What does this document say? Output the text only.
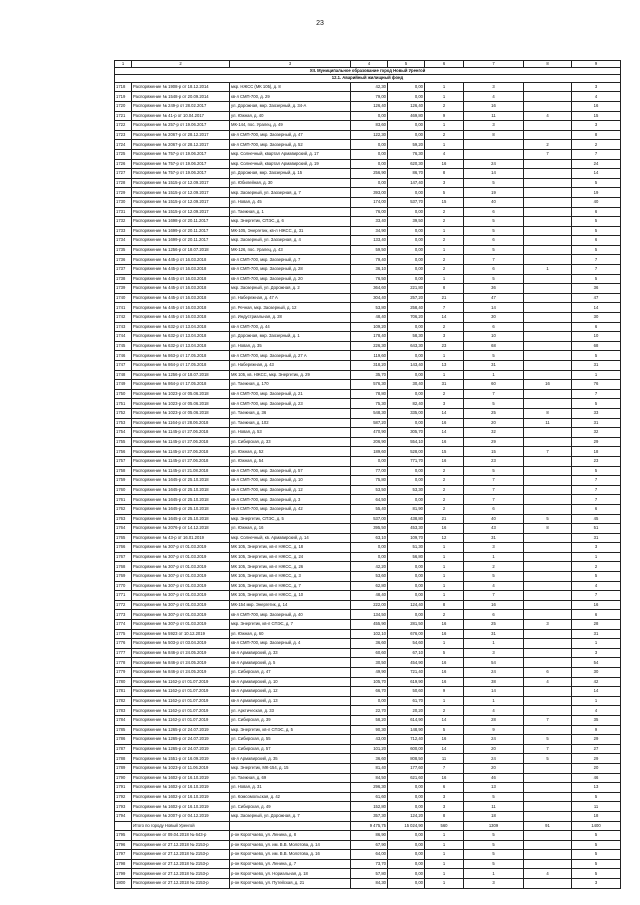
23
1	2	3	4	5	6	7	8	9
XII. Муниципальное образование город Новый Уренгой								
12.1. Аварийный жилищный фонд								
1718	Распоряжение № 1908-р от 18.12.2014	мкр. НЖСС (МК 105), д. 8	42,30	0,00	1	3		3
1719	Распоряжение № 1548-р от 20.09.2014	кв-л СМП-700, д. 29	79,00	0,00	1	4		4
1720	Распоряжение № 249-р от 28.02.2017	ул. Дорожная, мкр. Заозерный, д. 34-А	126,40	126,40	2	16		16
1721	Распоряжение № 41-р от 10.04.2017	ул. Южная, д. 40	0,00	469,80	9	11	4	15
1722	Распоряжение № 257-р от 19.06.2017	МК-144, пос. Уралец, д. 49	83,60	0,00	1	3		3
1723	Распоряжение № 2067-р от 28.12.2017	кв-л СМП-700, мкр. Заозерный, д. 47	122,30	0,00	2	8		8
1724	Распоряжение № 2067-р от 28.12.2017	кв-л СМП-700, мкр. Заозерный, д. 52	0,00	59,20	1		2	2
1725	Распоряжение № 757-р от 19.06.2017	мкр. Солнечный, квартал Армавирский, д. 17	0,00	76,30	4		7	7
1726	Распоряжение № 757-р от 19.06.2017	мкр. Солнечный, квартал Армавирский, д. 19	0,00	620,30	16	24		24
1727	Распоряжение № 757-р от 19.06.2017	ул. Дорожная, мкр. Заозерный, д. 15	256,90	86,70	8	14		14
1728	Распоряжение № 1515-р от 12.09.2017	ул. Юбилейная, д. 30	0,00	147,40	3	5		5
1729	Распоряжение № 1515-р от 12.09.2017	мкр. Заозерный, ул. Заозерная, д. 7	393,00	0,00	5	19		19
1730	Распоряжение № 1515-р от 12.09.2017	ул. Новая, д. 45	174,00	537,70	15	40		40
1731	Распоряжение № 1515-р от 12.09.2017	ул. Таежная, д. 1	76,00	0,00	2	6		6
1732	Распоряжение № 1698-р от 20.11.2017	мкр. Энергетик, СПЭС, д. 6	33,40	39,50	2	5		5
1733	Распоряжение № 1699-р от 20.11.2017	МК-105, Энергетик, кв-л НЖСС, д. 31	34,90	0,00	1	5		5
1734	Распоряжение № 1699-р от 20.11.2017	мкр. Заозерный, ул. Заозерная, д. 4	133,40	0,00	2	6		6
1735	Распоряжение № 1256-р от 18.07.2018	МК-126, пос. Уралец, д. 43	59,50	0,00	1	5		5
1736	Распоряжение № 445-р от 16.03.2018	кв-л СМП-700, мкр. Заозерный, д. 7	79,40	0,00	2	7		7
1737	Распоряжение № 445-р от 16.03.2018	кв-л СМП-700, мкр. Заозерный, д. 28	36,10	0,00	2	6	1	7
1738	Распоряжение № 445-р от 16.03.2018	кв-л СМП-700, мкр. Заозерный, д. 20	76,50	0,00	1	5		5
1739	Распоряжение № 445-р от 16.03.2018	мкр. Заозерный, ул. Дорожная, д. 2	364,60	221,80	8	36		36
1740	Распоряжение № 445-р от 16.03.2018	ул. Набережная, д. 47 А	304,40	257,20	21	47		47
1741	Распоряжение № 445-р от 16.03.2018	ул. Речная, мкр. Заозерный, д. 12	53,80	258,40	7	14		14
1742	Распоряжение № 445-р от 16.03.2018	ул. Индустриальная, д. 28	48,40	706,20	14	30		30
1743	Распоряжение № 632-р от 13.04.2018	кв-л СМП-700, д. 44	109,20	0,00	2	6		6
1744	Распоряжение № 632-р от 13.04.2018	ул. Дорожная, мкр. Заозерный, д. 1	178,40	58,30	3	10		10
1745	Распоряжение № 632-р от 13.04.2018	ул. Новая, д. 35	226,30	643,30	23	68		68
1746	Распоряжение № 863-р от 17.05.2018	кв-л СМП-700, мкр. Заозерный, д. 27 А	119,60	0,00	1	5		5
1747	Распоряжение № 864-р от 17.05.2018	ул. Набережная, д. 43	318,20	143,40	13	31		31
1748	Распоряжение № 1256-р от 18.07.2018	МК 105, кв. НЖСС, мкр. Энергетик, д. 29	35,70	0,00	1	1		1
1749	Распоряжение № 864-р от 17.05.2018	ул. Таежная, д. 170	576,30	30,40	31	60	16	76
1750	Распоряжение № 1023-р от 05.06.2018	кв-л СМП-700, мкр. Заозерный, д. 21	78,80	0,00	2	7		7
1751	Распоряжение № 1023-р от 05.06.2018	кв-л СМП-700, мкр. Заозерный, д. 23	75,30	82,40	3	5		5
1752	Распоряжение № 1023-р от 05.06.2018	ул. Таежная, д. 36	548,30	335,00	14	25	8	33
1753	Распоряжение № 1164-р от 28.06.2018	ул. Таежная, д. 102	587,20	0,00	16	20	11	31
1754	Распоряжение № 1145-р от 27.06.2018	ул. Новая, д. 53	470,90	305,70	14	32		32
1755	Распоряжение № 1145-р от 27.06.2018	ул. Сибирская, д. 33	206,90	554,10	16	29		29
1756	Распоряжение № 1145-р от 27.06.2018	ул. Южная, д. 52	189,60	528,00	15	15	7	18
1757	Распоряжение № 1145-р от 27.06.2018	ул. Южная, д. 54	0,00	771,70	16	23		23
1758	Распоряжение № 1145-р от 21.08.2018	кв-л СМП-700, мкр. Заозерный, д. 57	77,00	0,00	2	5		5
1759	Распоряжение № 1645-р от 25.10.2018	кв-л СМП-700, мкр. Заозерный, д. 10	75,80	0,00	2	7		7
1760	Распоряжение № 1645-р от 25.10.2018	кв-л СМП-700, мкр. Заозерный, д. 12	53,50	53,30	2	7		7
1761	Распоряжение № 1645-р от 25.10.2018	кв-л СМП-700, мкр. Заозерный, д. 3	64,50	0,00	2	7		7
1762	Распоряжение № 1645-р от 25.10.2018	кв-л СМП-700, мкр. Заозерный, д. 42	55,40	81,90	2	6		6
1763	Распоряжение № 1645-р от 25.10.2018	мкр. Энергетик, СПЭС, д. 5	537,00	438,80	21	40	5	45
1764	Распоряжение № 2076-р от 14.12.2018	ул. Южная, д. 16	395,50	453,30	16	43	8	51
1765	Распоряжение № 43-р от 16.01.2019	мкр. Солнечный, кв. Армавирский, д. 14	63,10	109,70	12	31		31
1766	Распоряжение № 307-р от 01.03.2019	МК 105, Энергетик, кв-л НЖСС, д. 18	0,00	51,30	1	3		3
1767	Распоряжение № 307-р от 01.03.2019	МК 105, Энергетик, кв-л НЖСС, д. 24	0,00	56,80	1	1		1
1768	Распоряжение № 307-р от 01.03.2019	МК 105, Энергетик, кв-л НЖСС, д. 26	42,20	0,00	1	2		2
1769	Распоряжение № 307-р от 01.03.2019	МК 105, Энергетик, кв-л НЖСС, д. 3	53,60	0,00	1	5		5
1770	Распоряжение № 307-р от 01.03.2019	МК 105, Энергетик, кв-л НЖСС, д. 7	62,80	0,00	1	4		4
1771	Распоряжение № 307-р от 01.03.2019	МК 105, Энергетик, кв-л НЖСС, д. 10	48,40	0,00	1	7		7
1772	Распоряжение № 307-р от 01.03.2019	МК-154 мкр. Энергетик, д. 14	222,00	124,40	8	16		16
1773	Распоряжение № 307-р от 01.03.2019	кв-л СМП-700, мкр. Заозерный, д. 40	134,50	0,00	2	6		6
1774	Распоряжение № 307-р от 01.03.2019	мкр. Энергетик, кв-л СПЭС, д. 7	455,90	281,50	16	25	3	28
1775	Распоряжение № 5923 от 10.12.2019	ул. Южная, д. 60	102,10	676,00	16	31		31
1776	Распоряжение № 503-р от 03.04.2019	кв-л СМП-700, мкр. Заозерный, д. 4	36,60	54,60	1	1		1
1777	Распоряжение № 846-р от 24.05.2019	кв-л Армавирский, д. 33	60,60	67,10	5	3		3
1778	Распоряжение № 846-р от 24.05.2019	кв-л Армавирский, д. 5	30,50	454,90	16	54		54
1779	Распоряжение № 846-р от 24.05.2019	ул. Сибирская, д. 47	49,90	721,40	16	24	6	30
1780	Распоряжение № 1162-р от 01.07.2019	кв-л Армавирский, д. 10	105,70	619,90	16	38	4	42
1781	Распоряжение № 1162-р от 01.07.2019	кв-л Армавирский, д. 12	66,70	50,60	9	14		14
1782	Распоряжение № 1162-р от 01.07.2019	кв-л Армавирский, д. 13	0,00	61,70	1	1		1
1783	Распоряжение № 1162-р от 01.07.2019	ул. Арктическая, д. 33	22,70	20,20	2	4		4
1784	Распоряжение № 1162-р от 01.07.2019	ул. Сибирская, д. 39	58,20	614,90	14	28	7	35
1785	Распоряжение № 1265-р от 24.07.2019	мкр. Энергетик, кв-л СПЭС, д. 5	90,30	148,90	5	9		9
1786	Распоряжение № 1265-р от 24.07.2019	ул. Сибирская, д. 55	43,00	712,40	16	24	5	29
1787	Распоряжение № 1265-р от 24.07.2019	ул. Сибирская, д. 57	101,20	600,00	14	20	7	27
1788	Распоряжение № 1551-р от 16.09.2019	кв-л Армавирский, д. 35	36,60	808,50	11	24	5	29
1789	Распоряжение № 1023-р от 11.06.2019	мкр. Энергетик, МК-154, д. 15	81,40	177,60	7	20		20
1790	Распоряжение № 1602-р от 16.10.2019	ул. Таежная, д. 69	84,50	621,60	16	46		46
1791	Распоряжение № 1602-р от 16.10.2019	ул. Новая, д. 31	296,30	0,00	6	13		13
1792	Распоряжение № 1602-р от 16.10.2019	ул. Комсомольская, д. 42	61,60	0,00	3	5		5
1793	Распоряжение № 1602-р от 16.10.2019	ул. Сибирская, д. 49	152,80	0,00	3	11		11
1794	Распоряжение № 2007-р от 04.12.2019	мкр. Заозерный, ул. Дорожная, д. 7	357,30	124,20	8	18		18
	Итого по городу Новый Уренгой		9 475,75	15 024,90	560	1309	91	1400
1795	Распоряжение от 09.04.2018 № 643-р	р-он Коротчаево, ул. Ленина, д. 8	86,90	0,00	1	5		5
1796	Распоряжение от 27.12.2018 № 2153-р	р-он Коротчаево, ул. им. В.В. Молотова, д. 14	67,90	0,00	1	5		5
1797	Распоряжение от 27.12.2018 № 2153-р	р-он Коротчаево, ул. им. В.В. Молотова, д. 16	64,00	0,00	1	5		5
1798	Распоряжение от 27.12.2018 № 2153-р	р-он Коротчаево, ул. Ленина, д. 7	73,70	0,00	1	5		5
1799	Распоряжение от 27.12.2018 № 2153-р	р-он Коротчаево, ул. Нориальная, д. 18	57,80	0,00	1	1	4	5
1800	Распоряжение от 27.12.2018 № 2153-р	р-он Коротчаево, ул. Путейская, д. 21	84,30	0,00	1	3		3
